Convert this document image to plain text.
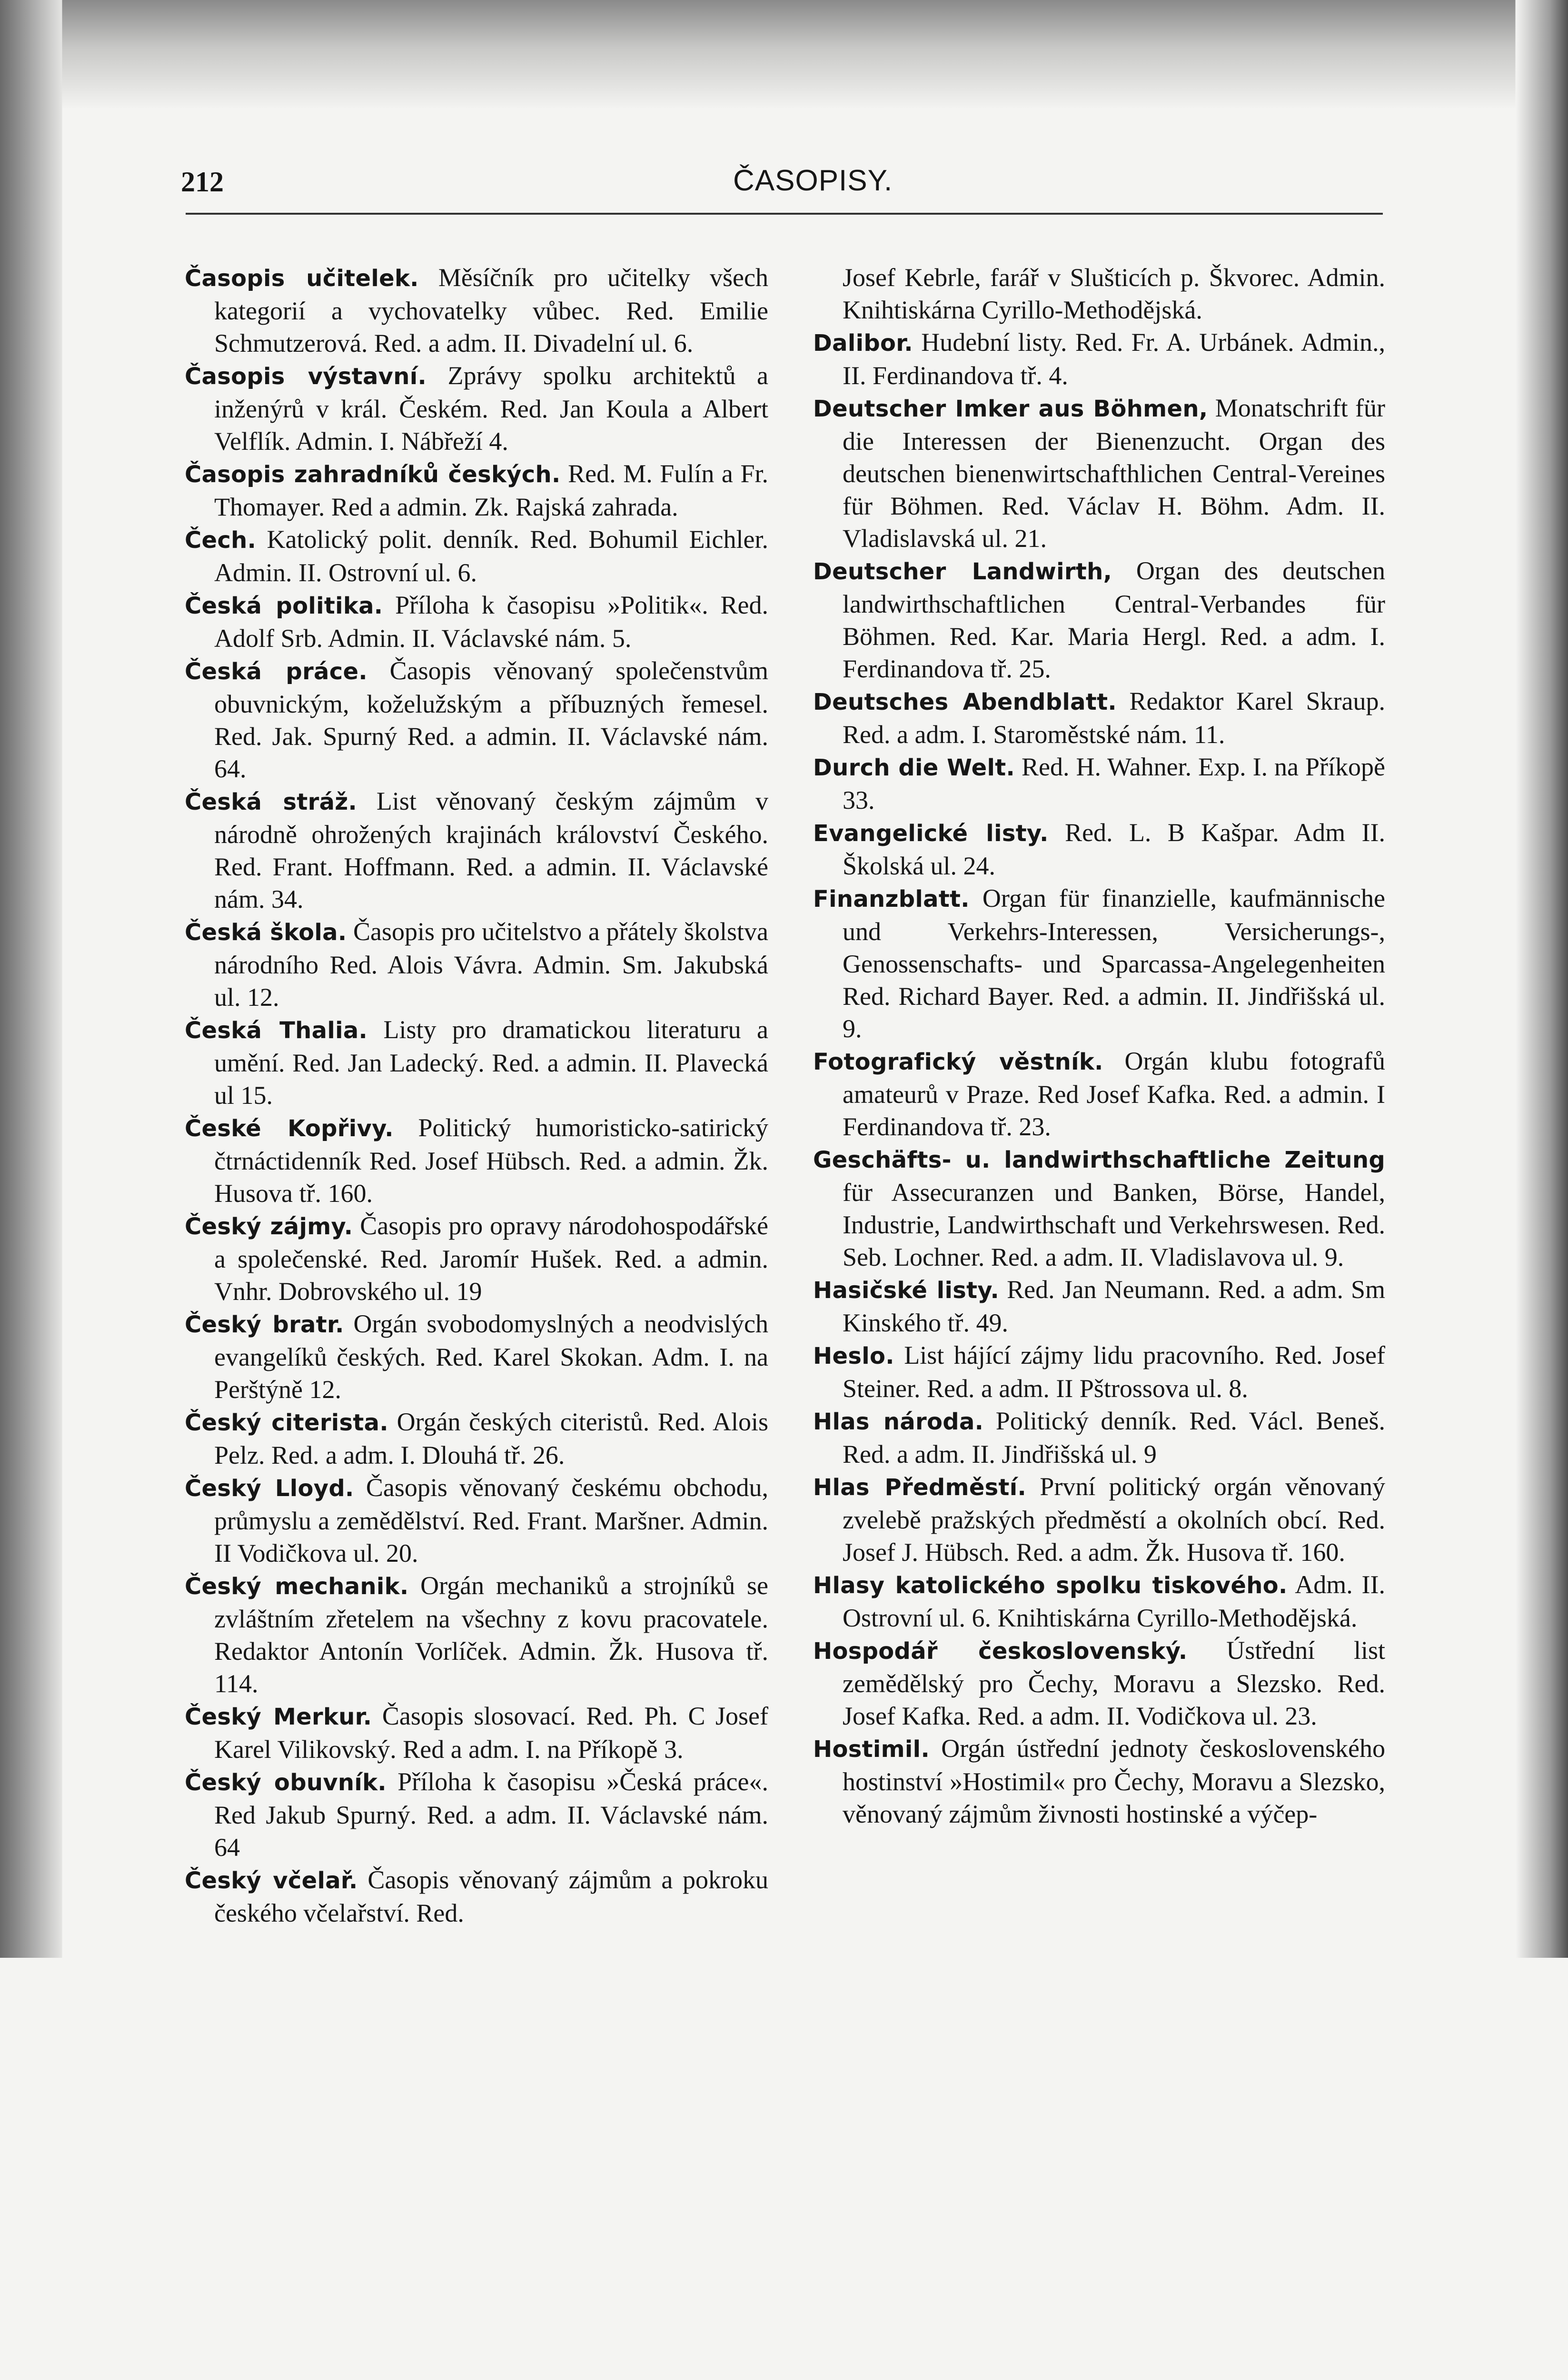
212	ČASOPISY.

Časopis učitelek. Měsíčník pro učitelky všech kategorií a vychovatelky vůbec. Red. Emilie Schmutzerová. Red. a adm. II. Divadelní ul. 6.

Časopis výstavní. Zprávy spolku architektů a inženýrů v král. Českém. Red. Jan Koula a Albert Velflík. Admin. I. Nábřeží 4.

Časopis zahradníků českých. Red. M. Fulín a Fr. Thomayer. Red a admin. Zk. Rajská zahrada.

Čech. Katolický polit. denník. Red. Bohumil Eichler. Admin. II. Ostrovní ul. 6.

Česká politika. Příloha k časopisu »Politik«. Red. Adolf Srb. Admin. II. Václavské nám. 5.

Česká práce. Časopis věnovaný společenstvům obuvnickým, koželužským a příbuzných řemesel. Red. Jak. Spurný Red. a admin. II. Václavské nám. 64.

Česká stráž. List věnovaný českým zájmům v národně ohrožených krajinách království Českého. Red. Frant. Hoffmann. Red. a admin. II. Václavské nám. 34.

Česká škola. Časopis pro učitelstvo a přátely školstva národního Red. Alois Vávra. Admin. Sm. Jakubská ul. 12.

Česká Thalia. Listy pro dramatickou literaturu a umění. Red. Jan Ladecký. Red. a admin. II. Plavecká ul 15.

České Kopřivy. Politický humoristicko-satirický čtrnáctidenník Red. Josef Hübsch. Red. a admin. Žk. Husova tř. 160.

Český zájmy. Časopis pro opravy národohospodářské a společenské. Red. Jaromír Hušek. Red. a admin. Vnhr. Dobrovského ul. 19

Český bratr. Orgán svobodomyslných a neodvislých evangelíků českých. Red. Karel Skokan. Adm. I. na Perštýně 12.

Český citerista. Orgán českých citeristů. Red. Alois Pelz. Red. a adm. I. Dlouhá tř. 26.

Český Lloyd. Časopis věnovaný českému obchodu, průmyslu a zemědělství. Red. Frant. Maršner. Admin. II Vodičkova ul. 20.

Český mechanik. Orgán mechaniků a strojníků se zvláštním zřetelem na všechny z kovu pracovatele. Redaktor Antonín Vorlíček. Admin. Žk. Husova tř. 114.

Český Merkur. Časopis slosovací. Red. Ph. C Josef Karel Vilikovský. Red a adm. I. na Příkopě 3.

Český obuvník. Příloha k časopisu »Česká práce«. Red Jakub Spurný. Red. a adm. II. Václavské nám. 64

Český včelař. Časopis věnovaný zájmům a pokroku českého včelařství. Red.

Josef Kebrle, farář v Slušticích p. Škvorec. Admin. Knihtiskárna Cyrillo-Methodějská.

Dalibor. Hudební listy. Red. Fr. A. Urbánek. Admin., II. Ferdinandova tř. 4.

Deutscher Imker aus Böhmen, Monatschrift für die Interessen der Bienenzucht. Organ des deutschen bienenwirtschafthlichen Central-Vereines für Böhmen. Red. Václav H. Böhm. Adm. II. Vladislavská ul. 21.

Deutscher Landwirth, Organ des deutschen landwirthschaftlichen Central-Verbandes für Böhmen. Red. Kar. Maria Hergl. Red. a adm. I. Ferdinandova tř. 25.

Deutsches Abendblatt. Redaktor Karel Skraup. Red. a adm. I. Staroměstské nám. 11.

Durch die Welt. Red. H. Wahner. Exp. I. na Příkopě 33.

Evangelické listy. Red. L. B Kašpar. Adm II. Školská ul. 24.

Finanzblatt. Organ für finanzielle, kaufmännische und Verkehrs-Interessen, Versicherungs-, Genossenschafts- und Sparcassa-Angelegenheiten Red. Richard Bayer. Red. a admin. II. Jindřišská ul. 9.

Fotografický věstník. Orgán klubu fotografů amateurů v Praze. Red Josef Kafka. Red. a admin. I Ferdinandova tř. 23.

Geschäfts- u. landwirthschaftliche Zeitung für Assecuranzen und Banken, Börse, Handel, Industrie, Landwirthschaft und Verkehrswesen. Red. Seb. Lochner. Red. a adm. II. Vladislavova ul. 9.

Hasičské listy. Red. Jan Neumann. Red. a adm. Sm Kinského tř. 49.

Heslo. List hájící zájmy lidu pracovního. Red. Josef Steiner. Red. a adm. II Pštrossova ul. 8.

Hlas národa. Politický denník. Red. Václ. Beneš. Red. a adm. II. Jindřišská ul. 9

Hlas Předměstí. První politický orgán věnovaný zvelebě pražských předměstí a okolních obcí. Red. Josef J. Hübsch. Red. a adm. Žk. Husova tř. 160.

Hlasy katolického spolku tiskového. Adm. II. Ostrovní ul. 6. Knihtiskárna Cyrillo-Methodějská.

Hospodář československý. Ústřední list zemědělský pro Čechy, Moravu a Slezsko. Red. Josef Kafka. Red. a adm. II. Vodičkova ul. 23.

Hostimil. Orgán ústřední jednoty československého hostinství »Hostimil« pro Čechy, Moravu a Slezsko, věnovaný zájmům živnosti hostinské a výčep-
